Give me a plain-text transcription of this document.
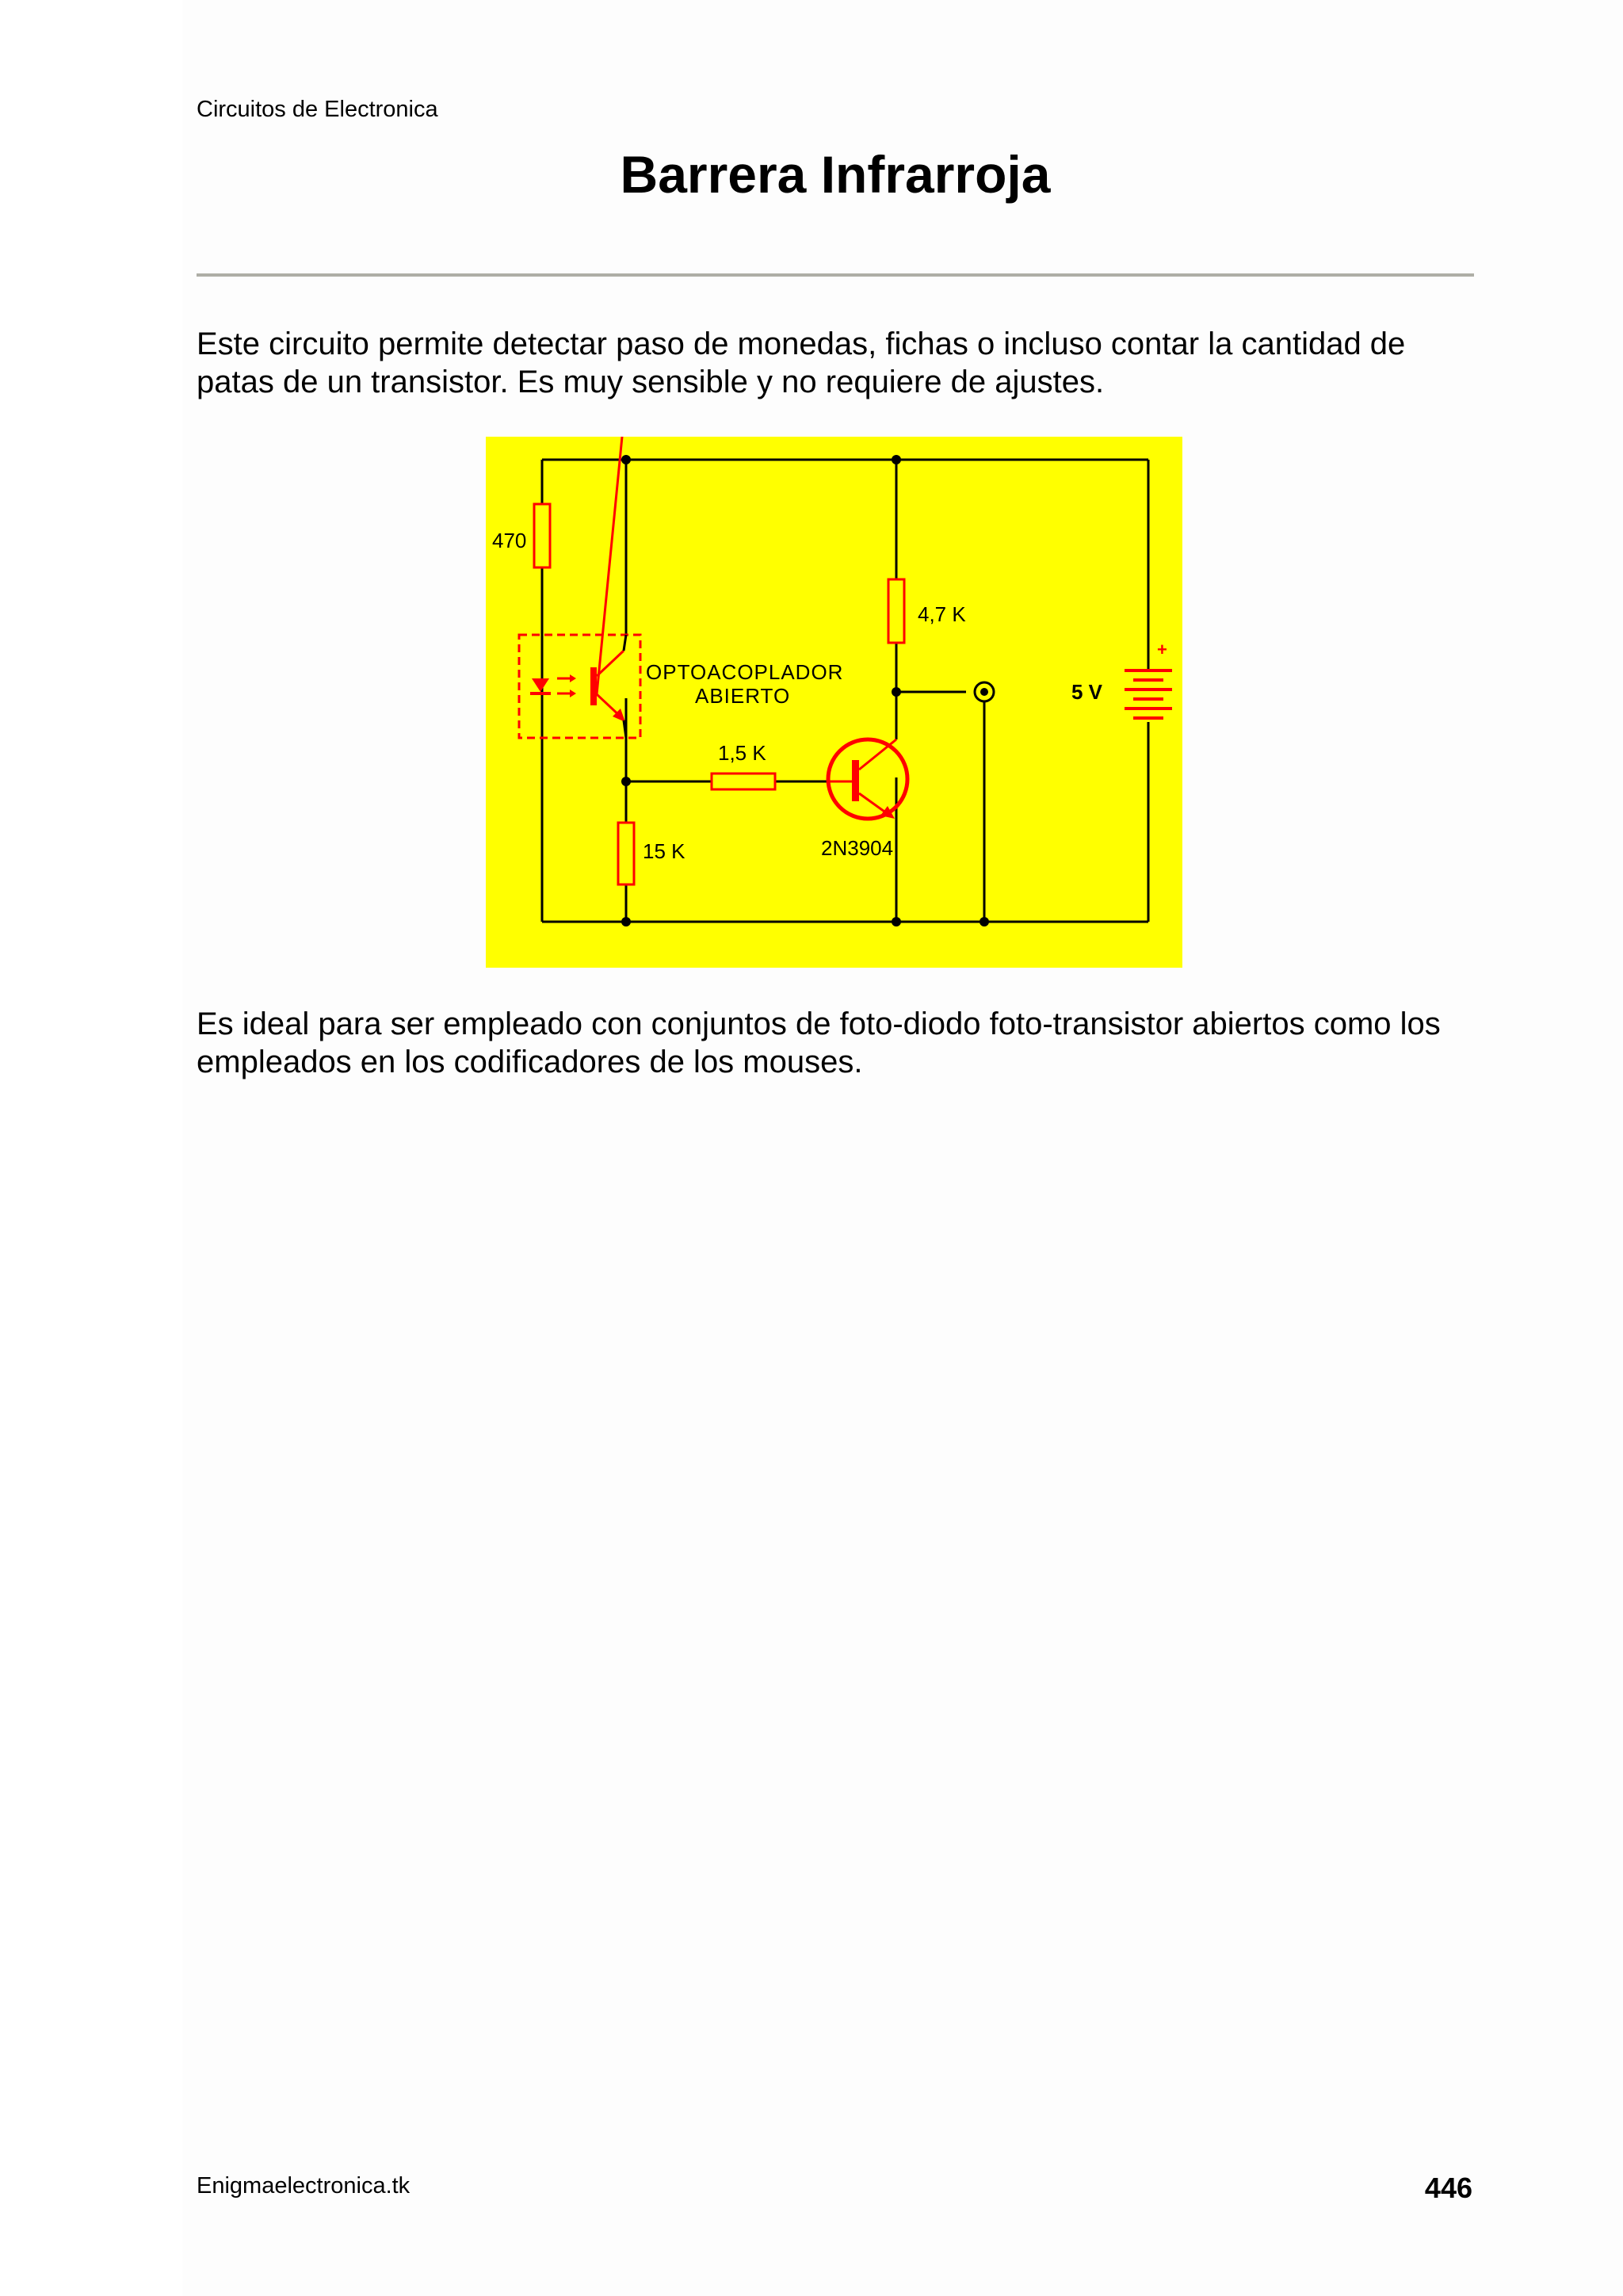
Circuitos de Electronica
Barrera Infrarroja
Este circuito permite detectar paso de monedas, fichas o incluso contar la cantidad de patas de un transistor. Es muy sensible y no requiere de ajustes.
470
4,7 K
OPTOACOPLADOR
ABIERTO	5 V
1,5 K
15 K	2N3904
+
Es ideal para ser empleado con conjuntos de foto-diodo foto-transistor abiertos como los empleados en los codificadores de los mouses.
Enigmaelectronica.tk	446
